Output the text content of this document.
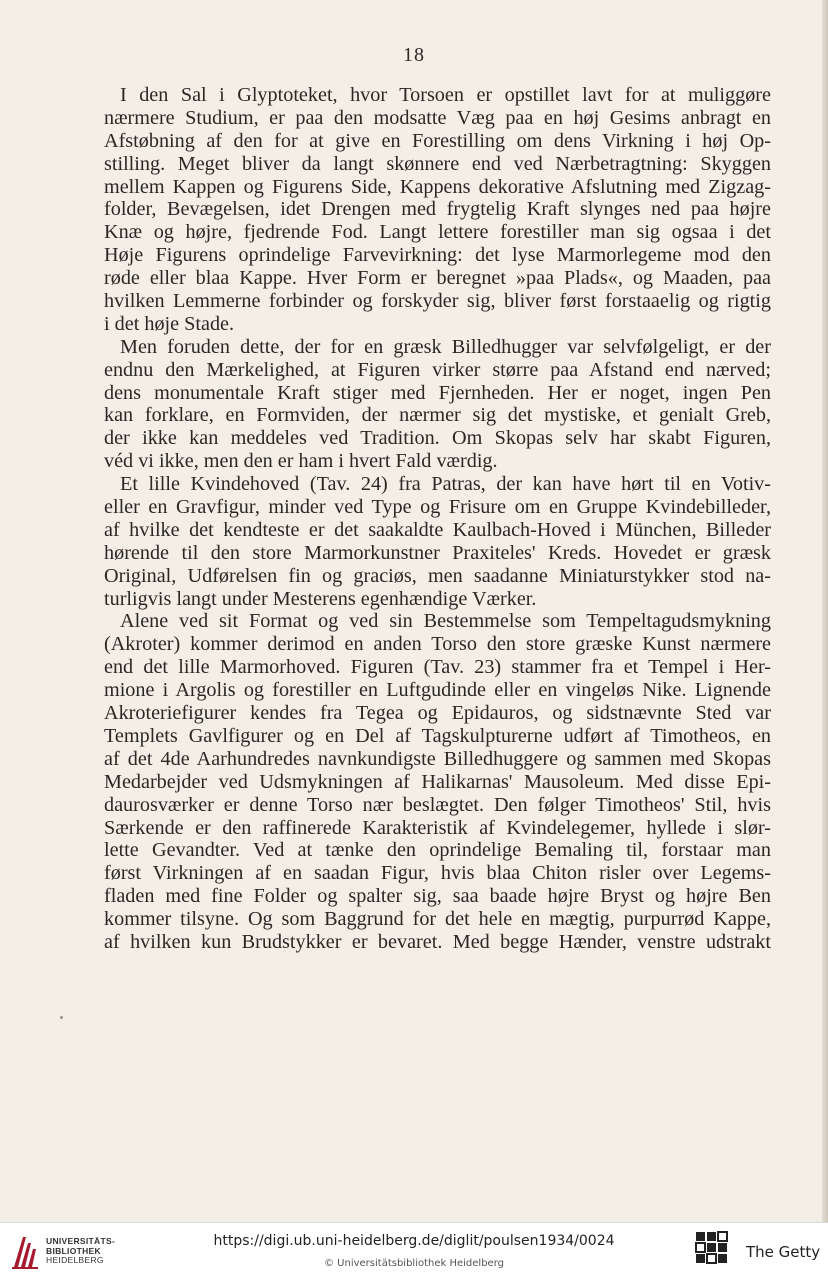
18
I den Sal i Glyptoteket, hvor Torsoen er opstillet lavt for at muliggøre
nærmere Studium, er paa den modsatte Væg paa en høj Gesims anbragt en
Afstøbning af den for at give en Forestilling om dens Virkning i høj Op-
stilling. Meget bliver da langt skønnere end ved Nærbetragtning: Skyggen
mellem Kappen og Figurens Side, Kappens dekorative Afslutning med Zigzag-
folder, Bevægelsen, idet Drengen med frygtelig Kraft slynges ned paa højre
Knæ og højre, fjedrende Fod. Langt lettere forestiller man sig ogsaa i det
Høje Figurens oprindelige Farvevirkning: det lyse Marmorlegeme mod den
røde eller blaa Kappe. Hver Form er beregnet »paa Plads«, og Maaden, paa
hvilken Lemmerne forbinder og forskyder sig, bliver først forstaaelig og rigtig
i det høje Stade.
Men foruden dette, der for en græsk Billedhugger var selvfølgeligt, er der
endnu den Mærkelighed, at Figuren virker større paa Afstand end nærved;
dens monumentale Kraft stiger med Fjernheden. Her er noget, ingen Pen
kan forklare, en Formviden, der nærmer sig det mystiske, et genialt Greb,
der ikke kan meddeles ved Tradition. Om Skopas selv har skabt Figuren,
véd vi ikke, men den er ham i hvert Fald værdig.
Et lille Kvindehoved (Tav. 24) fra Patras, der kan have hørt til en Votiv-
eller en Gravfigur, minder ved Type og Frisure om en Gruppe Kvindebilleder,
af hvilke det kendteste er det saakaldte Kaulbach-Hoved i München, Billeder
hørende til den store Marmorkunstner Praxiteles' Kreds. Hovedet er græsk
Original, Udførelsen fin og graciøs, men saadanne Miniaturstykker stod na-
turligvis langt under Mesterens egenhændige Værker.
Alene ved sit Format og ved sin Bestemmelse som Tempeltagudsmykning
(Akroter) kommer derimod en anden Torso den store græske Kunst nærmere
end det lille Marmorhoved. Figuren (Tav. 23) stammer fra et Tempel i Her-
mione i Argolis og forestiller en Luftgudinde eller en vingeløs Nike. Lignende
Akroteriefigurer kendes fra Tegea og Epidauros, og sidstnævnte Sted var
Templets Gavlfigurer og en Del af Tagskulpturerne udført af Timotheos, en
af det 4de Aarhundredes navnkundigste Billedhuggere og sammen med Skopas
Medarbejder ved Udsmykningen af Halikarnas' Mausoleum. Med disse Epi-
daurosværker er denne Torso nær beslægtet. Den følger Timotheos' Stil, hvis
Særkende er den raffinerede Karakteristik af Kvindelegemer, hyllede i slør-
lette Gevandter. Ved at tænke den oprindelige Bemaling til, forstaar man
først Virkningen af en saadan Figur, hvis blaa Chiton risler over Legems-
fladen med fine Folder og spalter sig, saa baade højre Bryst og højre Ben
kommer tilsyne. Og som Baggrund for det hele en mægtig, purpurrød Kappe,
af hvilken kun Brudstykker er bevaret. Med begge Hænder, venstre udstrakt
UNIVERSITÄTS-
BIBLIOTHEK
HEIDELBERG
https://digi.ub.uni-heidelberg.de/diglit/poulsen1934/0024
© Universitätsbibliothek Heidelberg
The Getty
